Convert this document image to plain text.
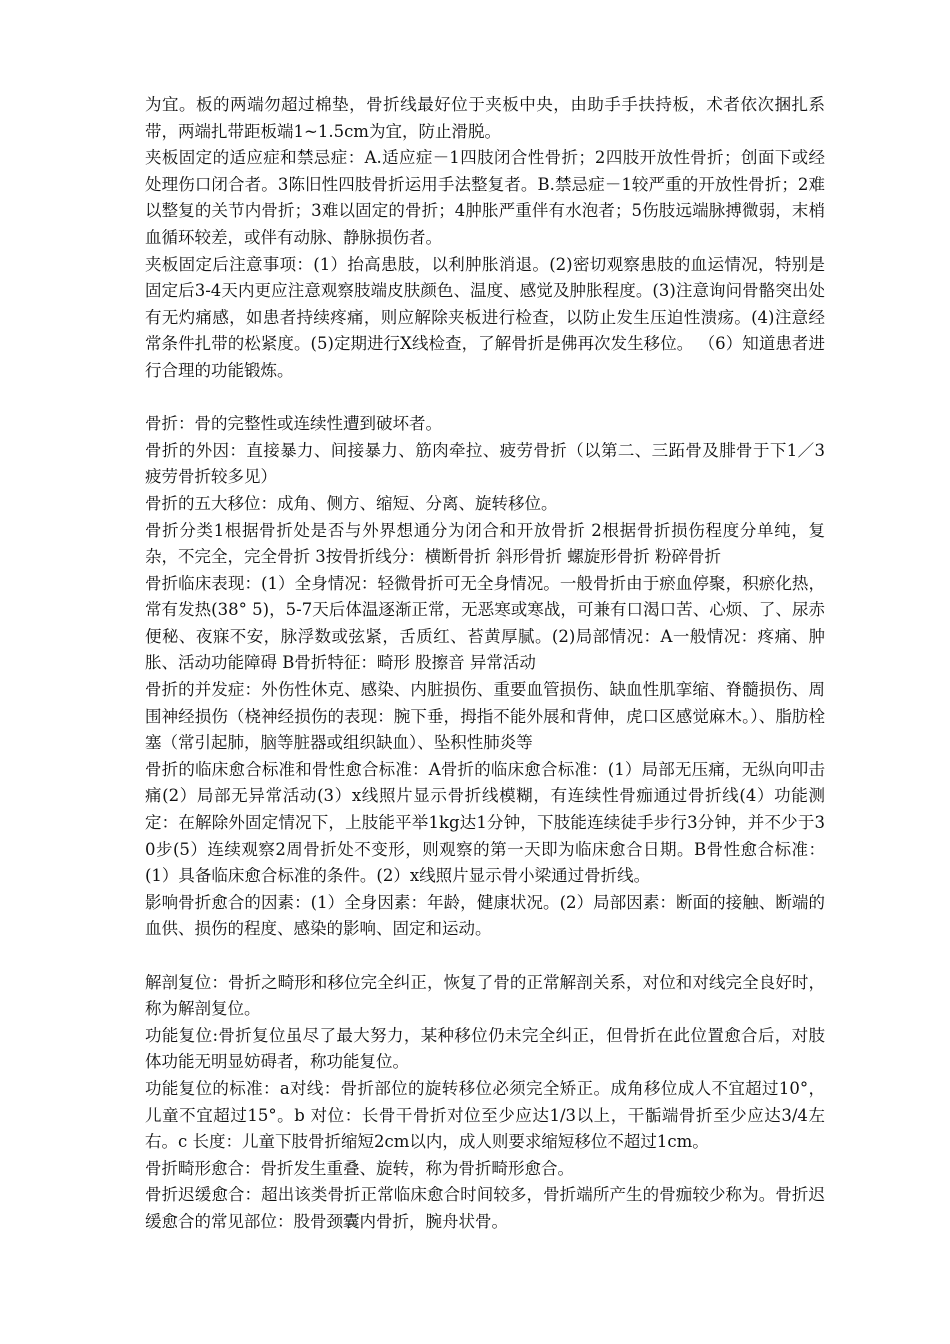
为宜。板的两端勿超过棉垫，骨折线最好位于夹板中央，由助手手扶持板，术者依次捆扎系带，两端扎带距板端1~1.5cm为宜，防止滑脱。

夹板固定的适应症和禁忌症：A.适应症－1四肢闭合性骨折；2四肢开放性骨折；创面下或经处理伤口闭合者。3陈旧性四肢骨折运用手法整复者。B.禁忌症－1较严重的开放性骨折；2难以整复的关节内骨折；3难以固定的骨折；4肿胀严重伴有水泡者；5伤肢远端脉搏微弱，末梢血循环较差，或伴有动脉、静脉损伤者。

夹板固定后注意事项：(1）抬高患肢，以利肿胀消退。(2)密切观察患肢的血运情况，特别是固定后3-4天内更应注意观察肢端皮肤颜色、温度、感觉及肿胀程度。(3)注意询问骨骼突出处有无灼痛感，如患者持续疼痛，则应解除夹板进行检查，以防止发生压迫性溃疡。(4)注意经常条件扎带的松紧度。(5)定期进行X线检查，了解骨折是佛再次发生移位。 （6）知道患者进行合理的功能锻炼。

骨折：骨的完整性或连续性遭到破坏者。

骨折的外因：直接暴力、间接暴力、筋肉牵拉、疲劳骨折（以第二、三跖骨及腓骨于下1／3疲劳骨折较多见）

骨折的五大移位：成角、侧方、缩短、分离、旋转移位。

骨折分类1根据骨折处是否与外界想通分为闭合和开放骨折 2根据骨折损伤程度分单纯，复杂，不完全，完全骨折 3按骨折线分：横断骨折 斜形骨折 螺旋形骨折 粉碎骨折

骨折临床表现：(1）全身情况：轻微骨折可无全身情况。一般骨折由于瘀血停聚，积瘀化热，常有发热(38° 5)，5-7天后体温逐渐正常，无恶寒或寒战，可兼有口渴口苦、心烦、了、尿赤便秘、夜寐不安，脉浮数或弦紧，舌质红、苔黄厚腻。(2)局部情况：A一般情况：疼痛、肿胀、活动功能障碍 B骨折特征：畸形 股擦音 异常活动

骨折的并发症：外伤性休克、感染、内脏损伤、重要血管损伤、缺血性肌挛缩、脊髓损伤、周围神经损伤（桡神经损伤的表现：腕下垂，拇指不能外展和背伸，虎口区感觉麻木。）、脂肪栓塞（常引起肺，脑等脏器或组织缺血）、坠积性肺炎等

骨折的临床愈合标准和骨性愈合标准：A骨折的临床愈合标准：(1）局部无压痛，无纵向叩击痛(2）局部无异常活动(3）x线照片显示骨折线模糊，有连续性骨痂通过骨折线(4）功能测定：在解除外固定情况下，上肢能平举1kg达1分钟，下肢能连续徒手步行3分钟，并不少于30步(5）连续观察2周骨折处不变形，则观察的第一天即为临床愈合日期。B骨性愈合标准：(1）具备临床愈合标准的条件。(2）x线照片显示骨小梁通过骨折线。

影响骨折愈合的因素：(1）全身因素：年龄，健康状况。(2）局部因素：断面的接触、断端的血供、损伤的程度、感染的影响、固定和运动。

解剖复位：骨折之畸形和移位完全纠正，恢复了骨的正常解剖关系，对位和对线完全良好时，称为解剖复位。

功能复位:骨折复位虽尽了最大努力，某种移位仍未完全纠正，但骨折在此位置愈合后，对肢体功能无明显妨碍者，称功能复位。

功能复位的标准：a对线：骨折部位的旋转移位必须完全矫正。成角移位成人不宜超过10°，儿童不宜超过15°。b 对位：长骨干骨折对位至少应达1/3以上，干骺端骨折至少应达3/4左右。c 长度：儿童下肢骨折缩短2cm以内，成人则要求缩短移位不超过1cm。

骨折畸形愈合：骨折发生重叠、旋转，称为骨折畸形愈合。

骨折迟缓愈合：超出该类骨折正常临床愈合时间较多，骨折端所产生的骨痂较少称为。骨折迟缓愈合的常见部位：股骨颈囊内骨折，腕舟状骨。
